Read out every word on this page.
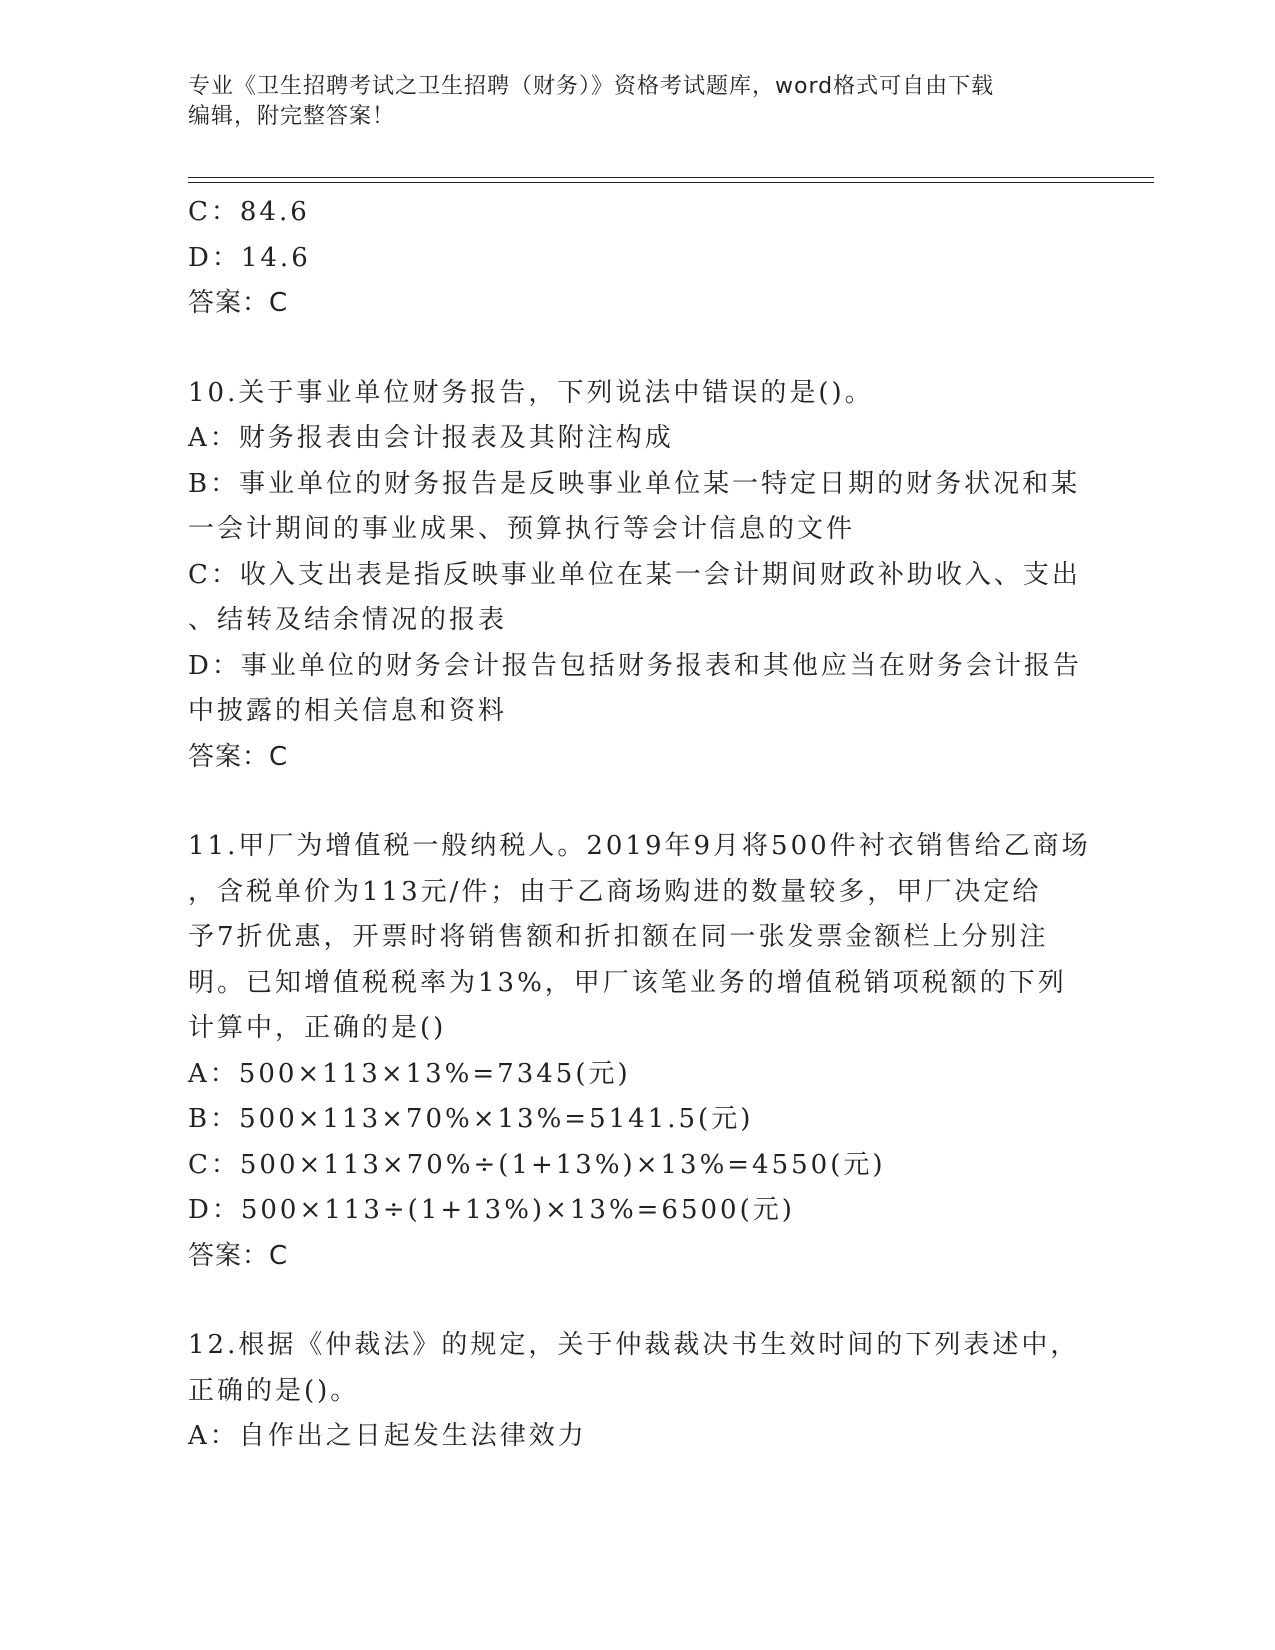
专业《卫生招聘考试之卫生招聘（财务）》资格考试题库，word格式可自由下载
编辑，附完整答案！
C：84.6
D：14.6
答案：C
10.关于事业单位财务报告，下列说法中错误的是()。
A：财务报表由会计报表及其附注构成
B：事业单位的财务报告是反映事业单位某一特定日期的财务状况和某
一会计期间的事业成果、预算执行等会计信息的文件
C：收入支出表是指反映事业单位在某一会计期间财政补助收入、支出
、结转及结余情况的报表
D：事业单位的财务会计报告包括财务报表和其他应当在财务会计报告
中披露的相关信息和资料
答案：C
11.甲厂为增值税一般纳税人。2019年9月将500件衬衣销售给乙商场
，含税单价为113元/件；由于乙商场购进的数量较多，甲厂决定给
予7折优惠，开票时将销售额和折扣额在同一张发票金额栏上分别注
明。已知增值税税率为13%，甲厂该笔业务的增值税销项税额的下列
计算中，正确的是()
A：500×113×13%=7345(元)
B：500×113×70%×13%=5141.5(元)
C：500×113×70%÷(1+13%)×13%=4550(元)
D：500×113÷(1+13%)×13%=6500(元)
答案：C
12.根据《仲裁法》的规定，关于仲裁裁决书生效时间的下列表述中，
正确的是()。
A：自作出之日起发生法律效力
